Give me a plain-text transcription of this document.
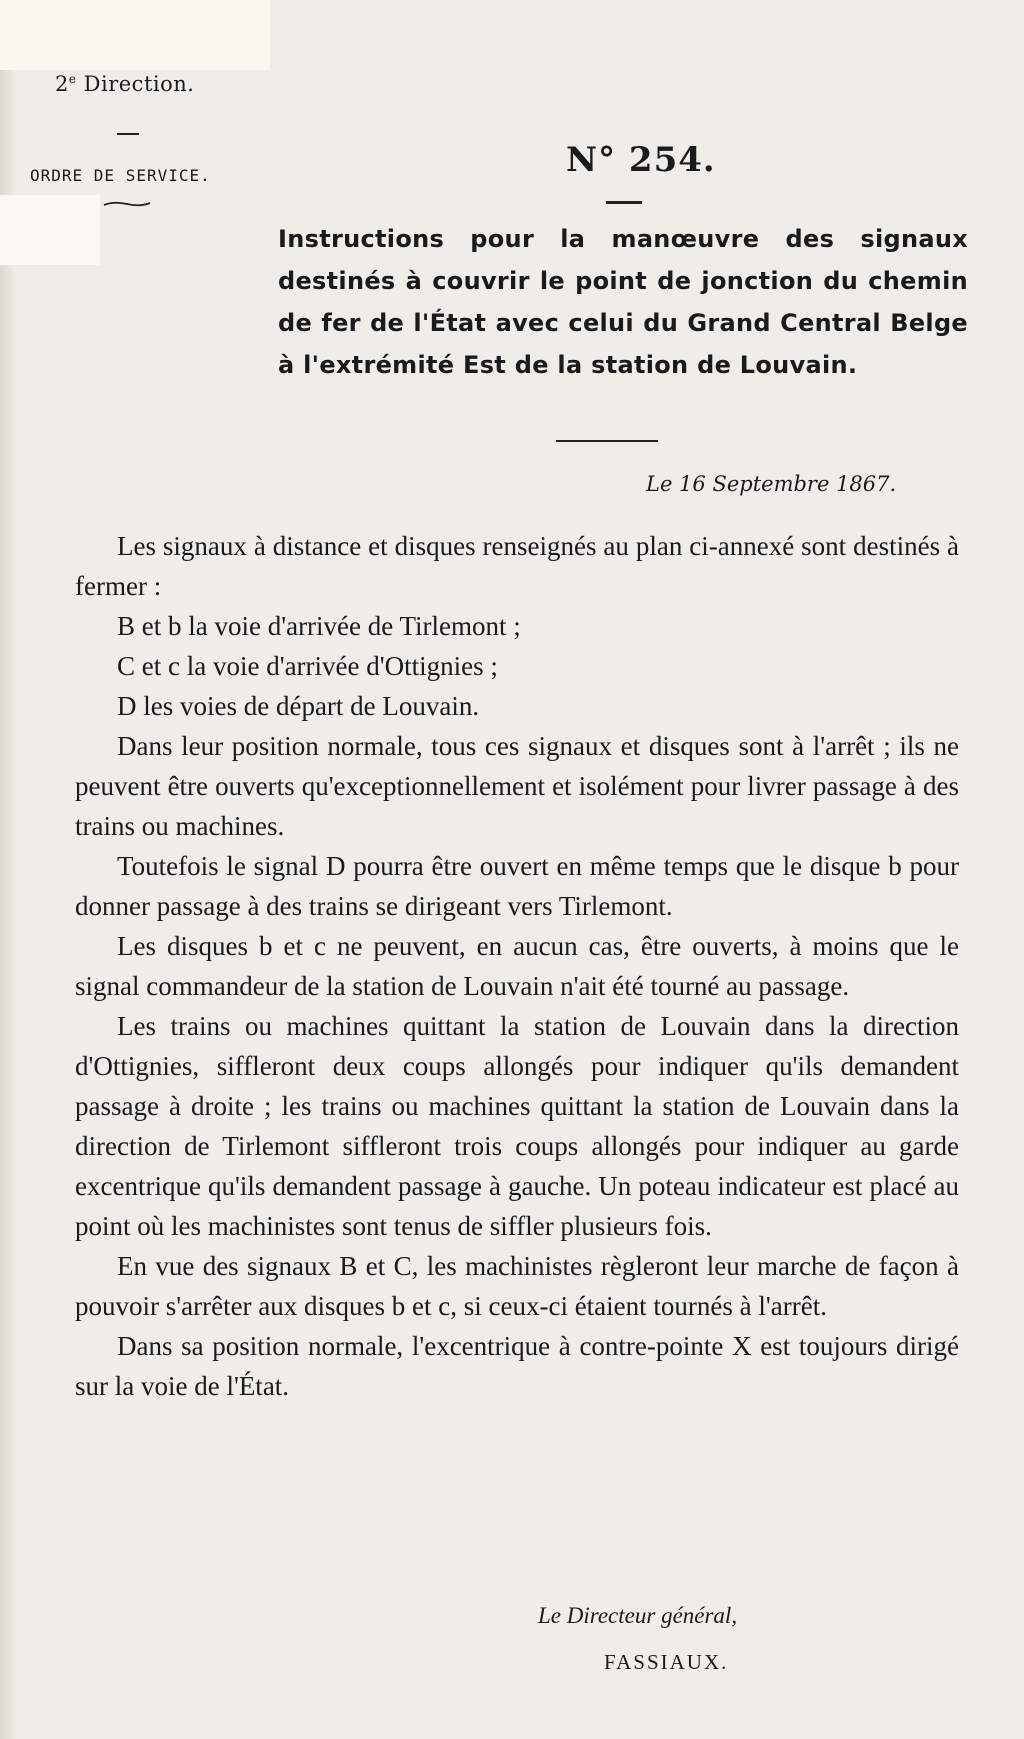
2e Direction.
ORDRE DE SERVICE.	N° 254.
Instructions pour la manœuvre des signaux destinés à couvrir le point de jonction du chemin de fer de l'État avec celui du Grand Central Belge à l'extrémité Est de la station de Louvain.
Le 16 Septembre 1867.

Les signaux à distance et disques renseignés au plan ci-annexé sont destinés à fermer :

B et b la voie d'arrivée de Tirlemont ;

C et c la voie d'arrivée d'Ottignies ;

D les voies de départ de Louvain.

Dans leur position normale, tous ces signaux et disques sont à l'arrêt ; ils ne peuvent être ouverts qu'exceptionnellement et isolément pour livrer passage à des trains ou machines.

Toutefois le signal D pourra être ouvert en même temps que le disque b pour donner passage à des trains se dirigeant vers Tirlemont.

Les disques b et c ne peuvent, en aucun cas, être ouverts, à moins que le signal commandeur de la station de Louvain n'ait été tourné au passage.

Les trains ou machines quittant la station de Louvain dans la direction d'Ottignies, siffleront deux coups allongés pour indiquer qu'ils demandent passage à droite ; les trains ou machines quittant la station de Louvain dans la direction de Tirlemont siffleront trois coups allongés pour indiquer au garde excentrique qu'ils demandent passage à gauche. Un poteau indicateur est placé au point où les machinistes sont tenus de siffler plusieurs fois.

En vue des signaux B et C, les machinistes règleront leur marche de façon à pouvoir s'arrêter aux disques b et c, si ceux-ci étaient tournés à l'arrêt.

Dans sa position normale, l'excentrique à contre-pointe X est toujours dirigé sur la voie de l'État.

Le Directeur général,
FASSIAUX.
